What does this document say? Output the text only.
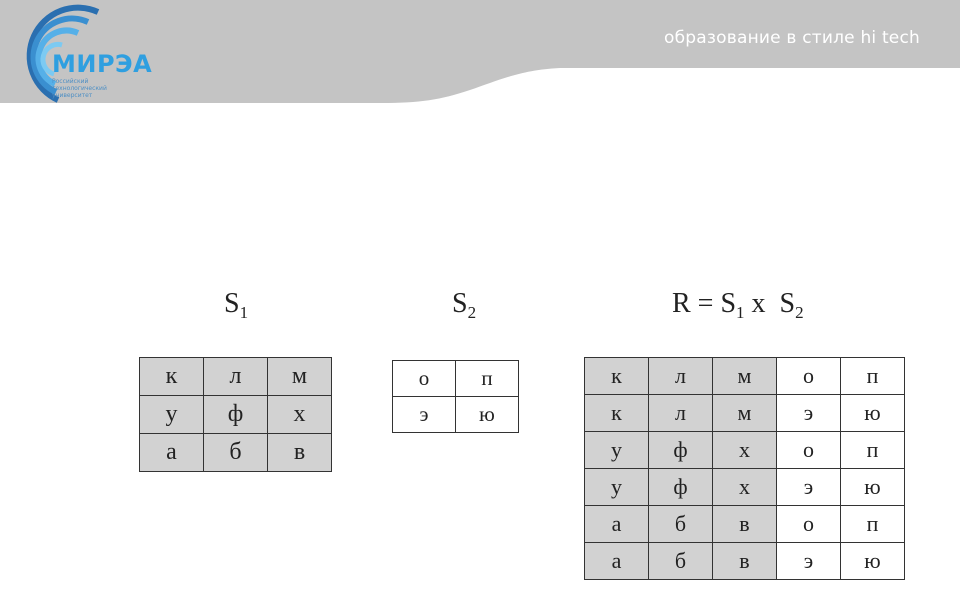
МИРЭА
Российский технологический университет
образование в стиле hi tech
$S_1$
к	л	м
у	ф	х
а	б	в
$S_2$
о	п
э	ю
$R = S_1$ x  $S_2$
к	л	м	о	п
к	л	м	э	ю
у	ф	х	о	п
у	ф	х	э	ю
а	б	в	о	п
а	б	в	э	ю
